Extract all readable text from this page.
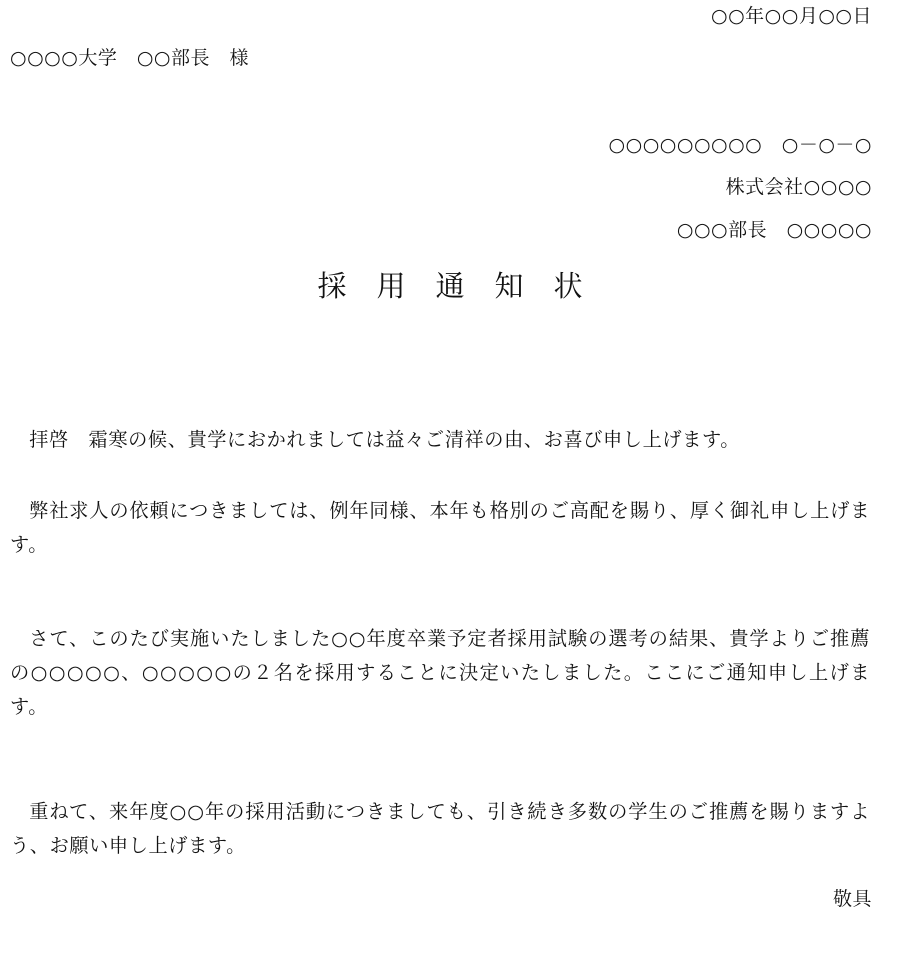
○○年○○月○○日
○○○○大学　○○部長　様
○○○○○○○○○　○－○－○
株式会社○○○○
○○○部長　○○○○○
採用通知状
拝啓　霜寒の候、貴学におかれましては益々ご清祥の由、お喜び申し上げます。
弊社求人の依頼につきましては、例年同様、本年も格別のご高配を賜り、厚く御礼申し上げます。
さて、このたび実施いたしました○○年度卒業予定者採用試験の選考の結果、貴学よりご推薦の○○○○○、○○○○○の２名を採用することに決定いたしました。ここにご通知申し上げます。
重ねて、来年度○○年の採用活動につきましても、引き続き多数の学生のご推薦を賜りますよう、お願い申し上げます。
敬具
